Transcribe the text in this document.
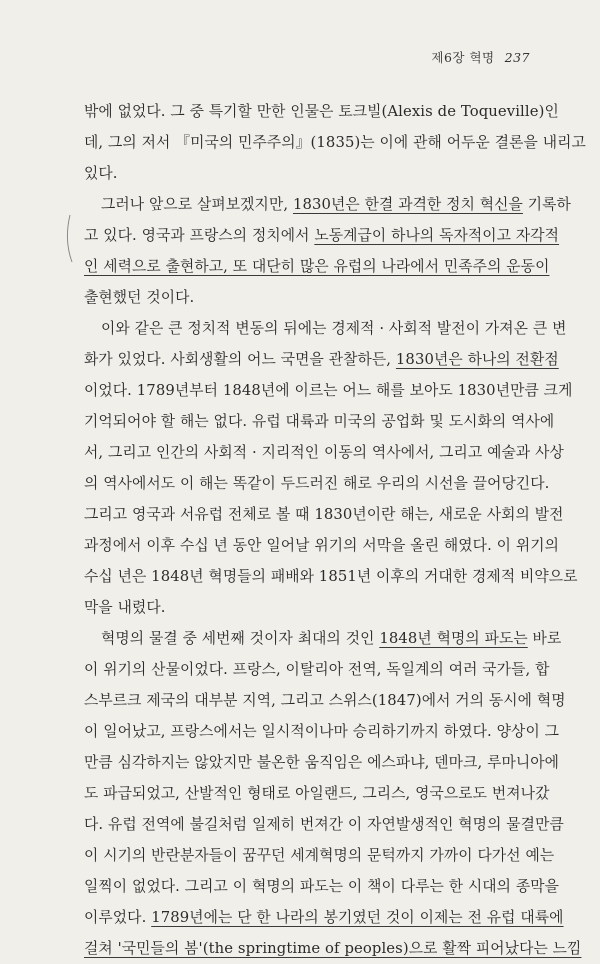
제6장 혁명 237
밖에 없었다. 그 중 특기할 만한 인물은 토크빌(Alexis de Toqueville)인
데, 그의 저서 『미국의 민주주의』(1835)는 이에 관해 어두운 결론을 내리고
있다.
그러나 앞으로 살펴보겠지만, 1830년은 한결 과격한 정치 혁신을 기록하
고 있다. 영국과 프랑스의 정치에서 노동계급이 하나의 독자적이고 자각적
인 세력으로 출현하고, 또 대단히 많은 유럽의 나라에서 민족주의 운동이
출현했던 것이다.
이와 같은 큰 정치적 변동의 뒤에는 경제적 · 사회적 발전이 가져온 큰 변
화가 있었다. 사회생활의 어느 국면을 관찰하든, 1830년은 하나의 전환점
이었다. 1789년부터 1848년에 이르는 어느 해를 보아도 1830년만큼 크게
기억되어야 할 해는 없다. 유럽 대륙과 미국의 공업화 및 도시화의 역사에
서, 그리고 인간의 사회적 · 지리적인 이동의 역사에서, 그리고 예술과 사상
의 역사에서도 이 해는 똑같이 두드러진 해로 우리의 시선을 끌어당긴다.
그리고 영국과 서유럽 전체로 볼 때 1830년이란 해는, 새로운 사회의 발전
과정에서 이후 수십 년 동안 일어날 위기의 서막을 올린 해였다. 이 위기의
수십 년은 1848년 혁명들의 패배와 1851년 이후의 거대한 경제적 비약으로
막을 내렸다.
혁명의 물결 중 세번째 것이자 최대의 것인 1848년 혁명의 파도는 바로
이 위기의 산물이었다. 프랑스, 이탈리아 전역, 독일계의 여러 국가들, 합
스부르크 제국의 대부분 지역, 그리고 스위스(1847)에서 거의 동시에 혁명
이 일어났고, 프랑스에서는 일시적이나마 승리하기까지 하였다. 양상이 그
만큼 심각하지는 않았지만 불온한 움직임은 에스파냐, 덴마크, 루마니아에
도 파급되었고, 산발적인 형태로 아일랜드, 그리스, 영국으로도 번져나갔
다. 유럽 전역에 불길처럼 일제히 번져간 이 자연발생적인 혁명의 물결만큼
이 시기의 반란분자들이 꿈꾸던 세계혁명의 문턱까지 가까이 다가선 예는
일찍이 없었다. 그리고 이 혁명의 파도는 이 책이 다루는 한 시대의 종막을
이루었다. 1789년에는 단 한 나라의 봉기였던 것이 이제는 전 유럽 대륙에
걸쳐 '국민들의 봄'(the springtime of peoples)으로 활짝 피어났다는 느낌
